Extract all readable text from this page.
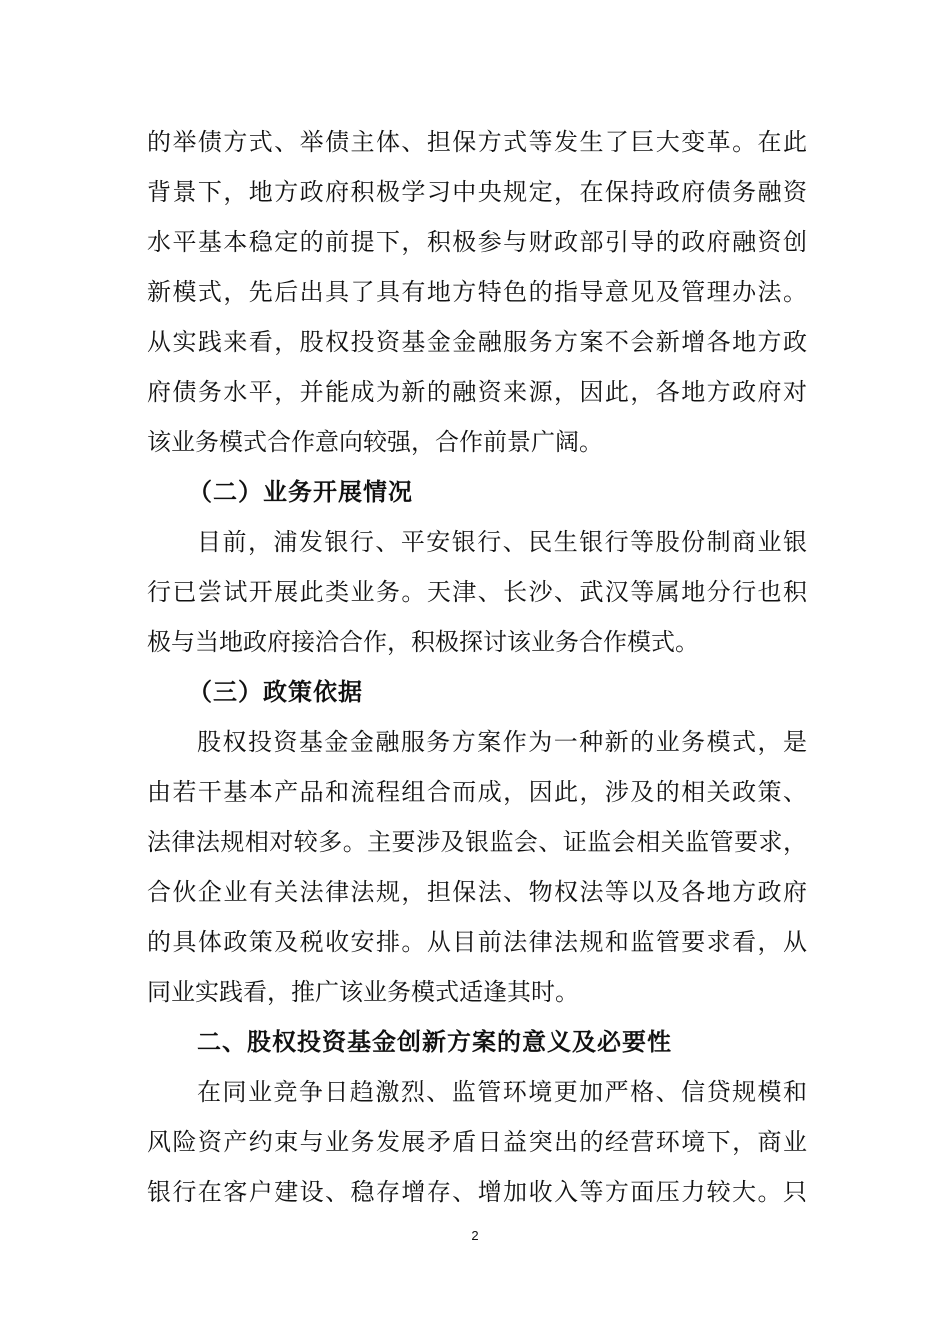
的举债方式、举债主体、担保方式等发生了巨大变革。在此
背景下，地方政府积极学习中央规定，在保持政府债务融资
水平基本稳定的前提下，积极参与财政部引导的政府融资创
新模式，先后出具了具有地方特色的指导意见及管理办法。
从实践来看，股权投资基金金融服务方案不会新增各地方政
府债务水平，并能成为新的融资来源，因此，各地方政府对
该业务模式合作意向较强，合作前景广阔。
（二）业务开展情况
目前，浦发银行、平安银行、民生银行等股份制商业银
行已尝试开展此类业务。天津、长沙、武汉等属地分行也积
极与当地政府接洽合作，积极探讨该业务合作模式。
（三）政策依据
股权投资基金金融服务方案作为一种新的业务模式，是
由若干基本产品和流程组合而成，因此，涉及的相关政策、
法律法规相对较多。主要涉及银监会、证监会相关监管要求，
合伙企业有关法律法规，担保法、物权法等以及各地方政府
的具体政策及税收安排。从目前法律法规和监管要求看，从
同业实践看，推广该业务模式适逢其时。
二、股权投资基金创新方案的意义及必要性
在同业竞争日趋激烈、监管环境更加严格、信贷规模和
风险资产约束与业务发展矛盾日益突出的经营环境下，商业
银行在客户建设、稳存增存、增加收入等方面压力较大。只
2
